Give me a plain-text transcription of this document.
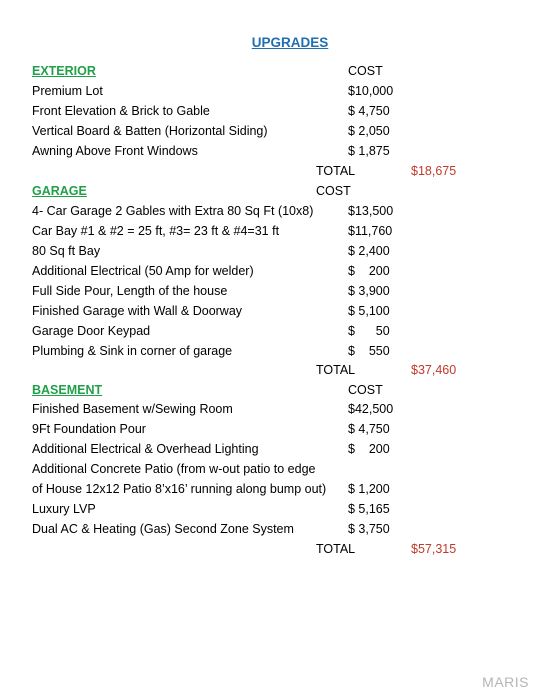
UPGRADES
EXTERIOR	COST
Premium Lot	$10,000
Front Elevation & Brick to Gable	$ 4,750
Vertical Board & Batten (Horizontal Siding)	$ 2,050
Awning Above Front Windows	$ 1,875
TOTAL	$18,675
GARAGE	COST
4- Car Garage 2 Gables with Extra 80 Sq Ft (10x8)	$13,500
Car Bay #1 & #2 = 25 ft, #3= 23 ft & #4=31 ft	$11,760
80 Sq ft Bay	$ 2,400
Additional Electrical (50 Amp for welder)	$    200
Full Side Pour, Length of the house	$ 3,900
Finished Garage with Wall & Doorway	$ 5,100
Garage Door Keypad	$      50
Plumbing & Sink in corner of garage	$    550
TOTAL	$37,460
BASEMENT	COST
Finished Basement w/Sewing Room	$42,500
9Ft Foundation Pour	$ 4,750
Additional Electrical & Overhead Lighting	$    200
Additional Concrete Patio (from w-out patio to edge
of House 12x12 Patio 8’x16’ running along bump out) $ 1,200
Luxury LVP	$ 5,165
Dual AC & Heating (Gas) Second Zone System	$ 3,750
TOTAL	$57,315
MARIS
